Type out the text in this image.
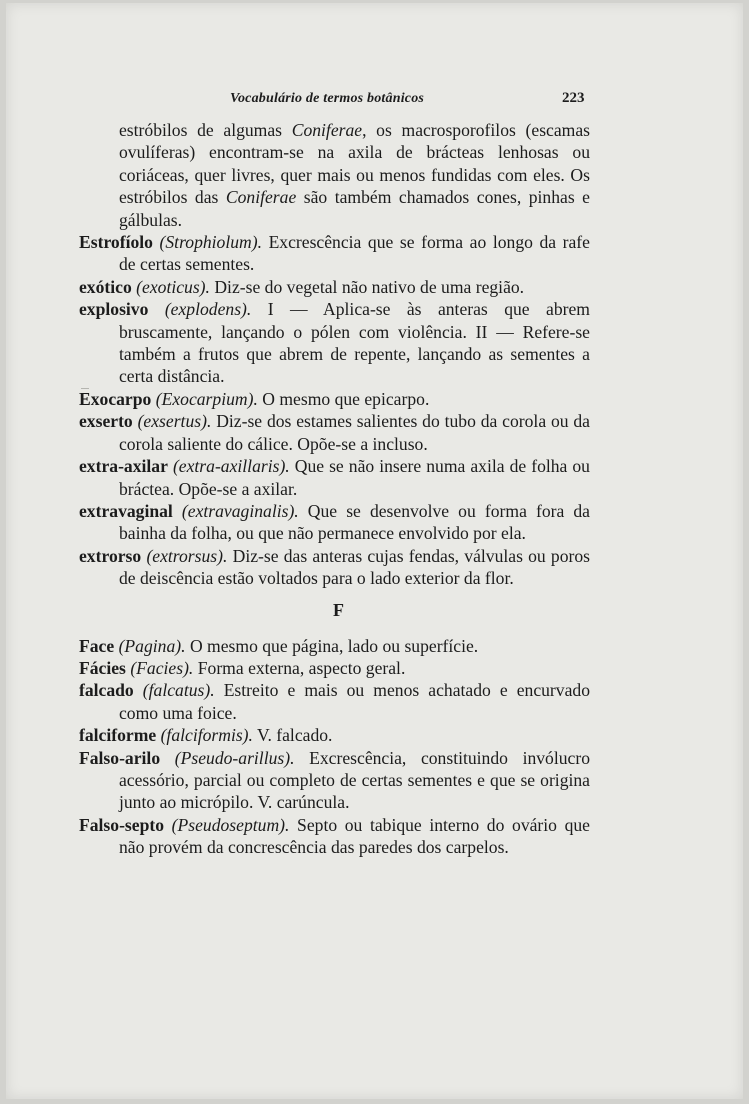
Vocabulário de termos botânicos	223

estróbilos de algumas Coniferae, os macrosporofilos (escamas ovulíferas) encontram-se na axila de brácteas lenhosas ou coriáceas, quer livres, quer mais ou menos fundidas com eles. Os estróbilos das Coniferae são também chamados cones, pinhas e gálbulas.

Estrofíolo (Strophiolum). Excrescência que se forma ao longo da rafe de certas sementes.

exótico (exoticus). Diz-se do vegetal não nativo de uma região.

explosivo (explodens). I — Aplica-se às anteras que abrem bruscamente, lançando o pólen com violência. II — Refere-se também a frutos que abrem de repente, lançando as sementes a certa distância.

Exocarpo (Exocarpium). O mesmo que epicarpo.

exserto (exsertus). Diz-se dos estames salientes do tubo da corola ou da corola saliente do cálice. Opõe-se a incluso.

extra-axilar (extra-axillaris). Que se não insere numa axila de folha ou bráctea. Opõe-se a axilar.

extravaginal (extravaginalis). Que se desenvolve ou forma fora da bainha da folha, ou que não permanece envolvido por ela.

extrorso (extrorsus). Diz-se das anteras cujas fendas, válvulas ou poros de deiscência estão voltados para o lado exterior da flor.

F

Face (Pagina). O mesmo que página, lado ou superfície.

Fácies (Facies). Forma externa, aspecto geral.

falcado (falcatus). Estreito e mais ou menos achatado e encurvado como uma foice.

falciforme (falciformis). V. falcado.

Falso-arilo (Pseudo-arillus). Excrescência, constituindo invólucro acessório, parcial ou completo de certas sementes e que se origina junto ao micrópilo. V. carúncula.

Falso-septo (Pseudoseptum). Septo ou tabique interno do ovário que não provém da concrescência das paredes dos carpelos.
